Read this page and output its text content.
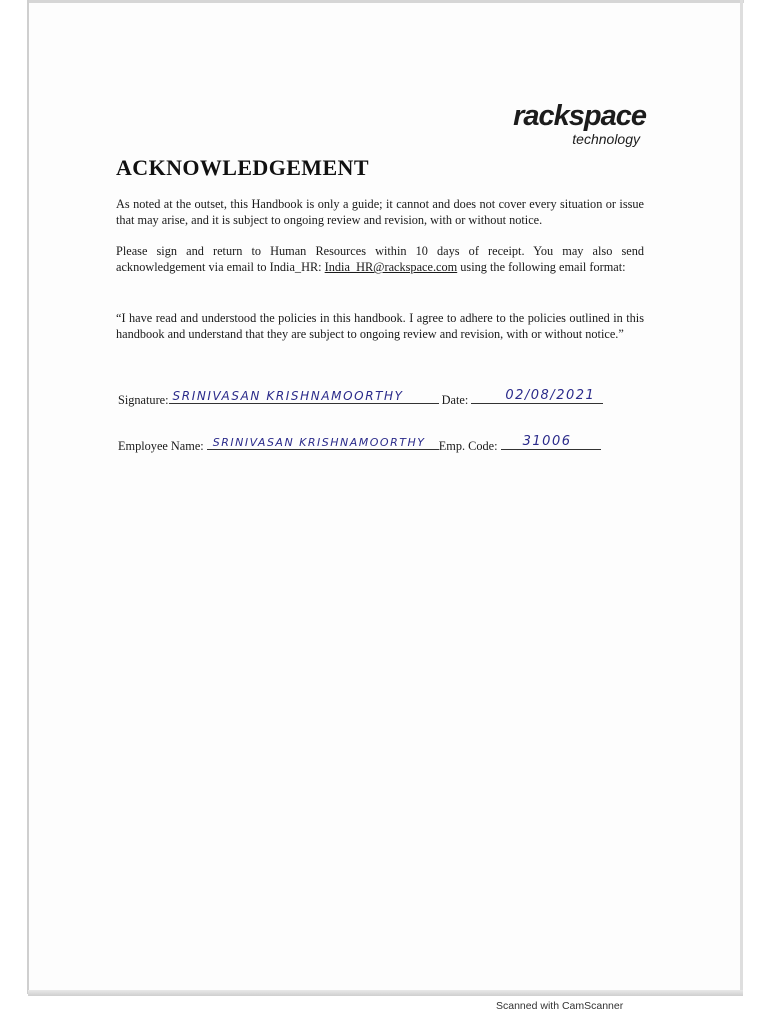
rackspace
technology
ACKNOWLEDGEMENT

As noted at the outset, this Handbook is only a guide; it cannot and does not cover every situation or issue that may arise, and it is subject to ongoing review and revision, with or without notice.

Please sign and return to Human Resources within 10 days of receipt. You may also send acknowledgement via email to India_HR: India_HR@rackspace.com using the following email format:

“I have read and understood the policies in this handbook. I agree to adhere to the policies outlined in this handbook and understand that they are subject to ongoing review and revision, with or without notice.”

Signature: SRINIVASAN KRISHNAMOORTHY	Date:	02/08/2021
Employee Name: SRINIVASAN KRISHNAMOORTHY Emp. Code: 31006
Scanned with CamScanner
